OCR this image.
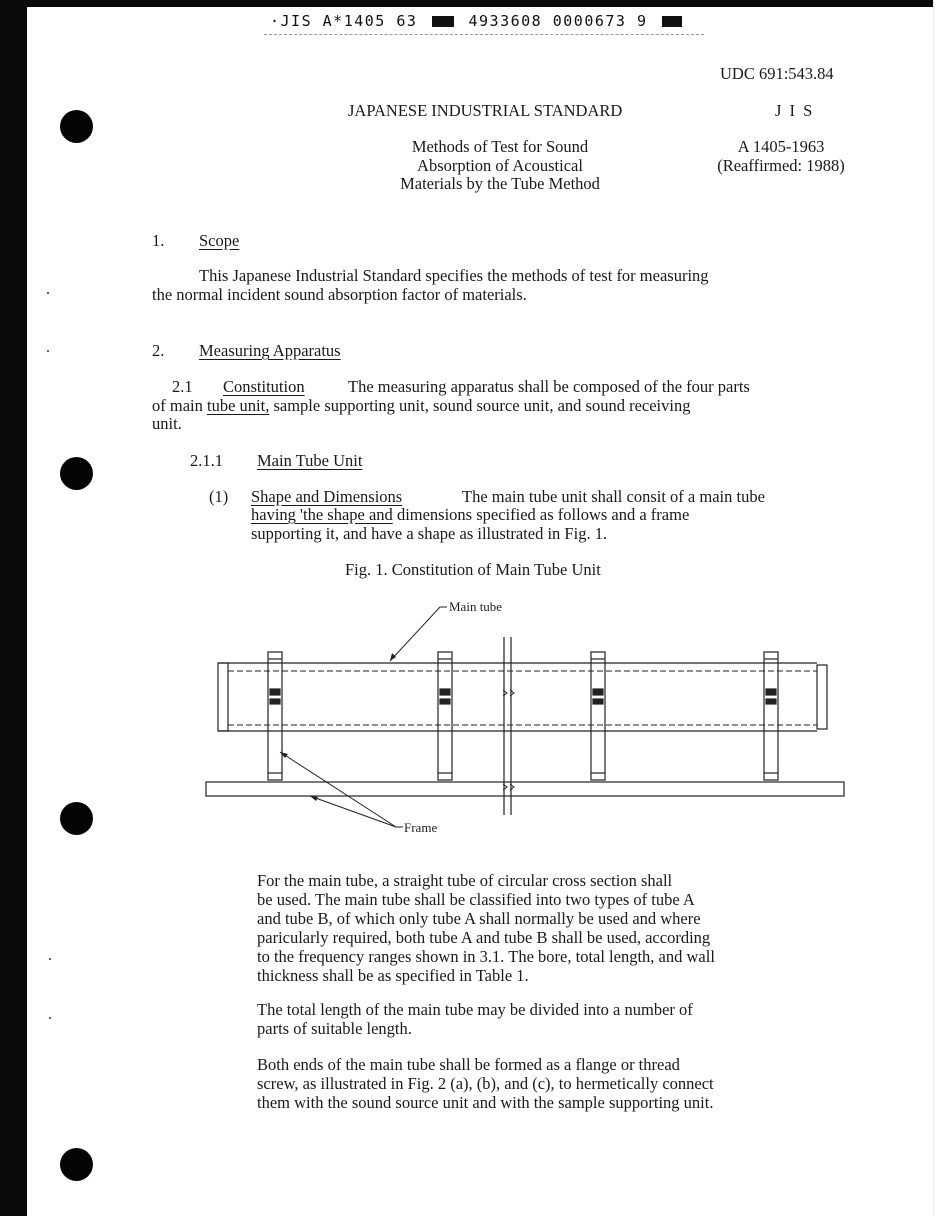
·JIS A*1405 63	4933608 0000673 9
UDC 691:543.84
JAPANESE INDUSTRIAL STANDARD	J I S
Methods of Test for Sound
Absorption of Acoustical
Materials by the Tube Method
A 1405-1963
(Reaffirmed: 1988)
1. Scope
This Japanese Industrial Standard specifies the methods of test for measuring
the normal incident sound absorption factor of materials.
2. Measuring Apparatus
2.1 Constitution	The measuring apparatus shall be composed of the four parts
of main tube unit, sample supporting unit, sound source unit, and sound receiving
unit.
2.1.1 Main Tube Unit
(1) Shape and Dimensions	The main tube unit shall consit of a main tube
having 'the shape and dimensions specified as follows and a frame
supporting it, and have a shape as illustrated in Fig. 1.
Fig. 1. Constitution of Main Tube Unit
Main tube
Frame
For the main tube, a straight tube of circular cross section shall
be used. The main tube shall be classified into two types of tube A
and tube B, of which only tube A shall normally be used and where
paricularly required, both tube A and tube B shall be used, according
to the frequency ranges shown in 3.1. The bore, total length, and wall
thickness shall be as specified in Table 1.
The total length of the main tube may be divided into a number of
parts of suitable length.
Both ends of the main tube shall be formed as a flange or thread
screw, as illustrated in Fig. 2 (a), (b), and (c), to hermetically connect
them with the sound source unit and with the sample supporting unit.
